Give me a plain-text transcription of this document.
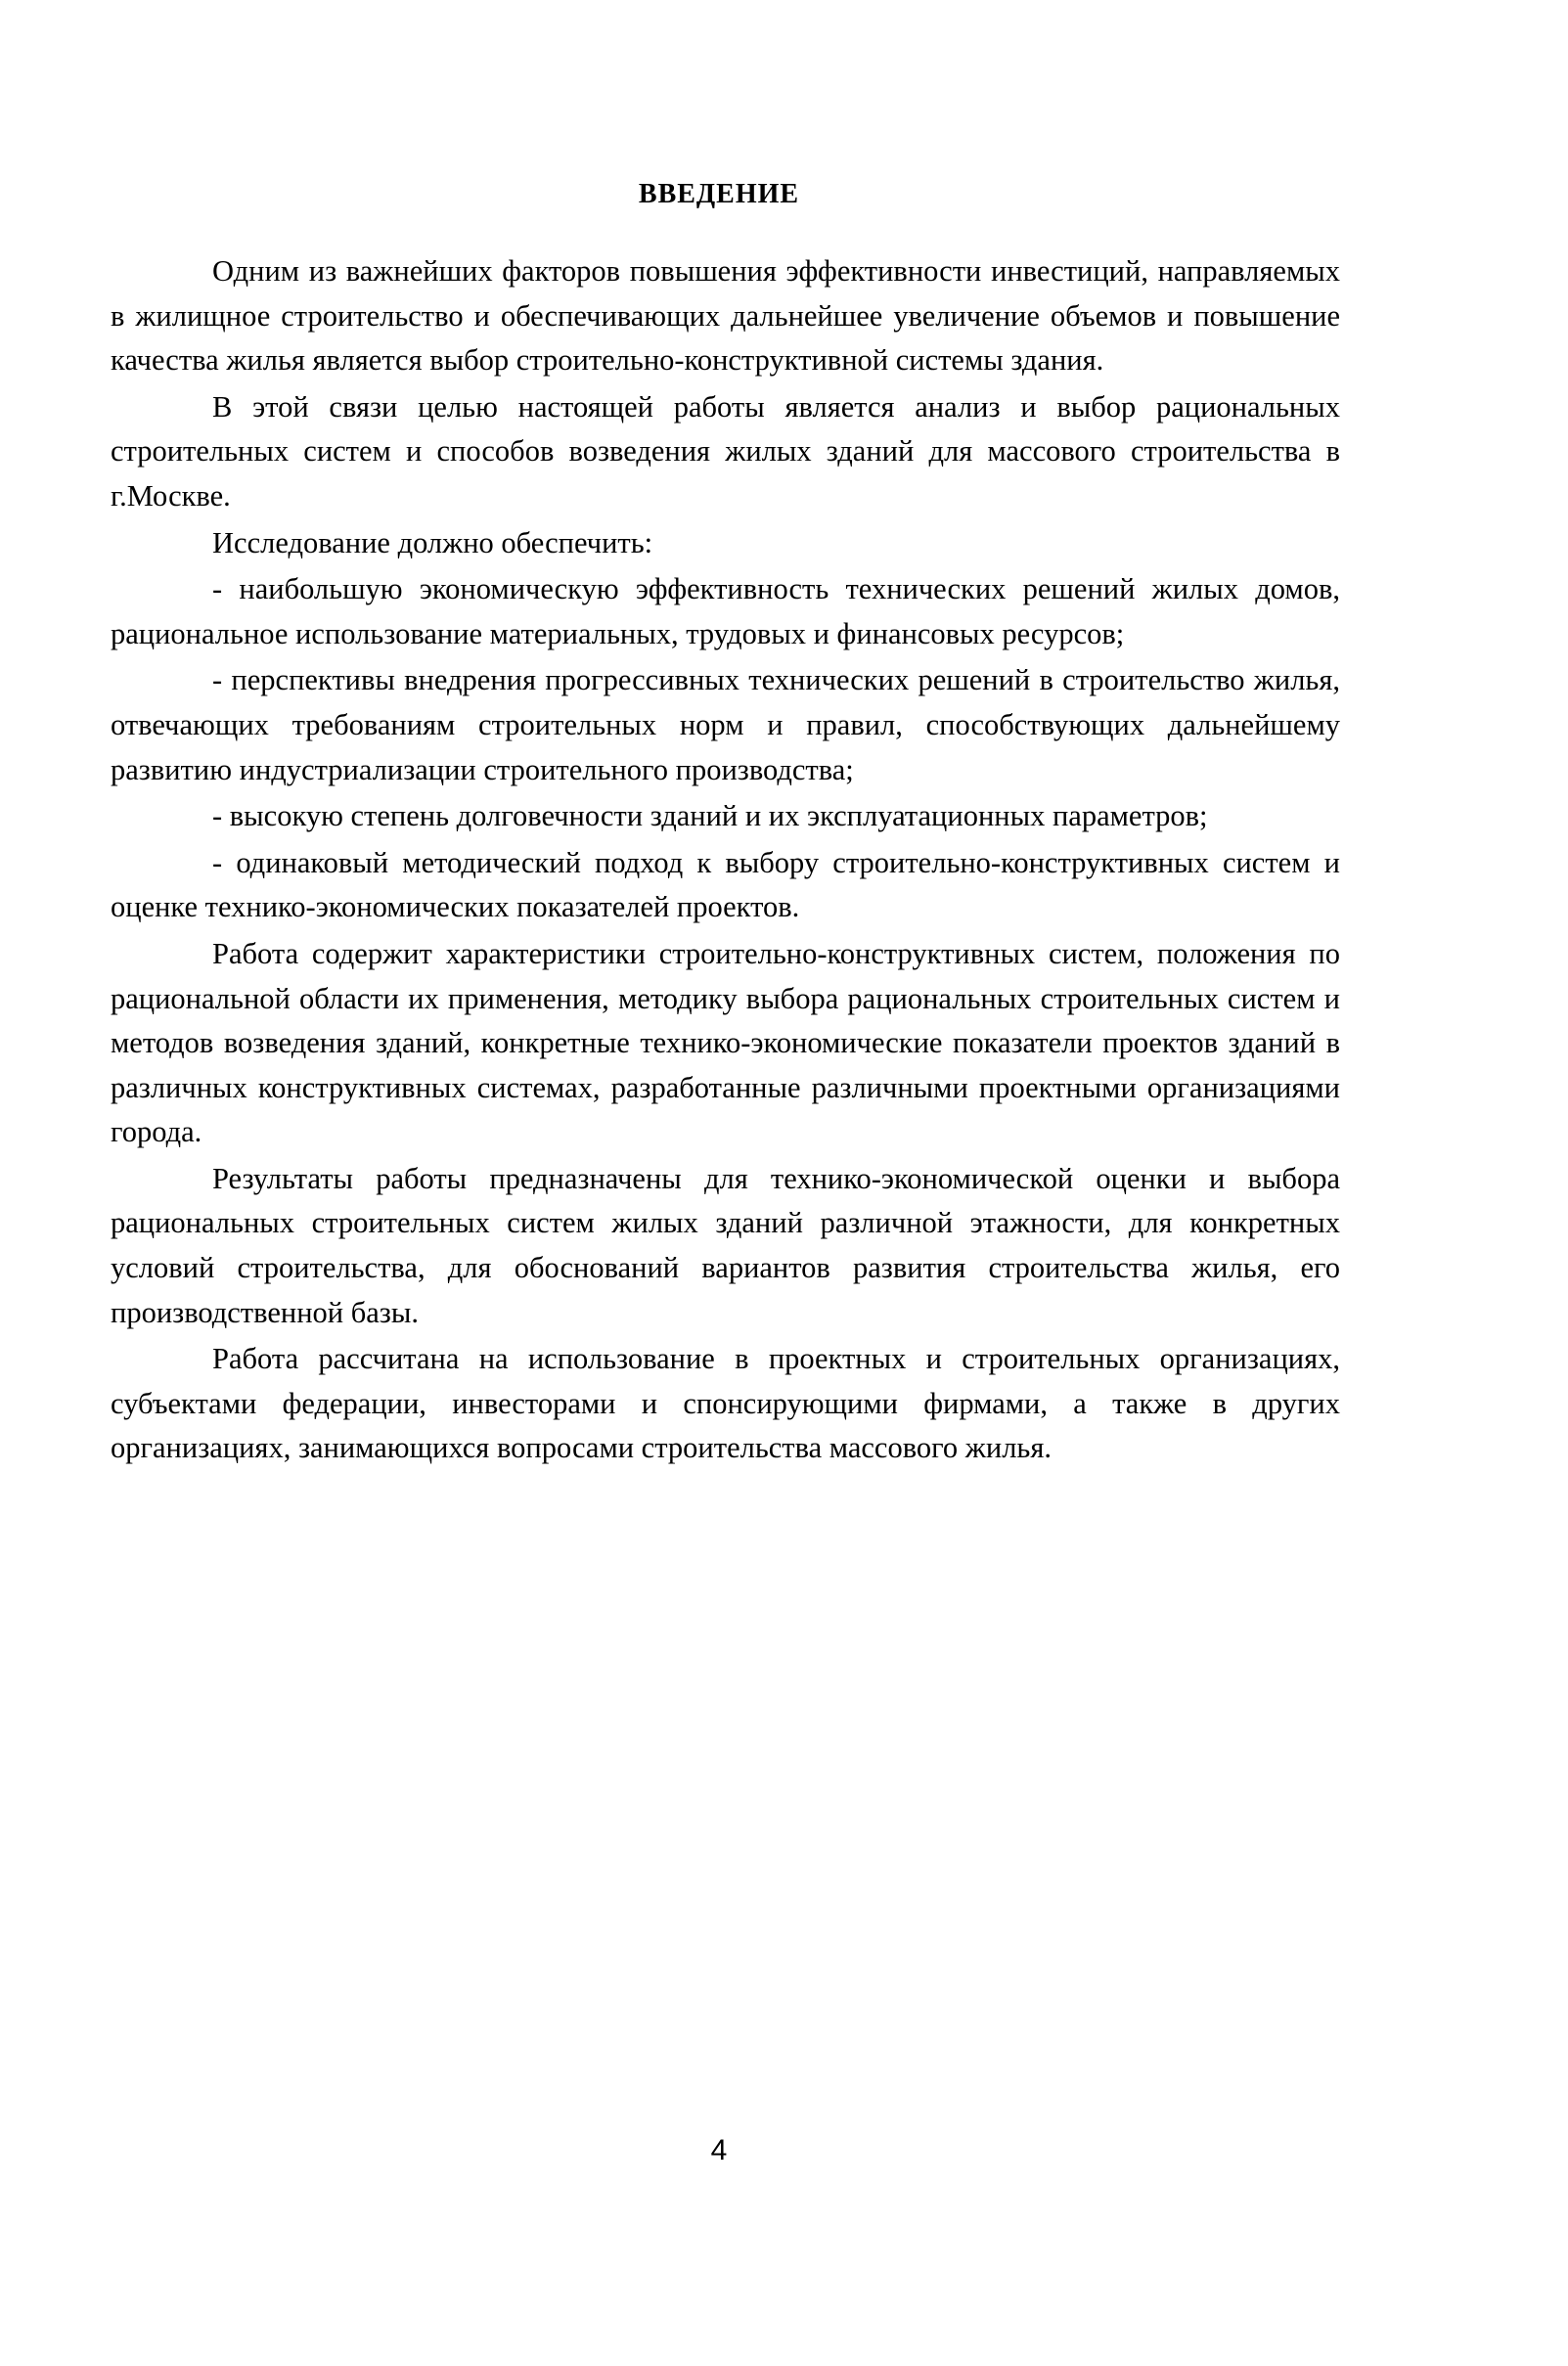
ВВЕДЕНИЕ

Одним из важнейших факторов повышения эффективности инвестиций, направляемых в жилищное строительство и обеспечивающих дальнейшее увеличение объемов и повышение качества жилья является выбор строительно-конструктивной системы здания.

В этой связи целью настоящей работы является анализ и выбор рациональных строительных систем и способов возведения жилых зданий для массового строительства в г.Москве.

Исследование должно обеспечить:

- наибольшую экономическую эффективность технических решений жилых домов, рациональное использование материальных, трудовых и финансовых ресурсов;

- перспективы внедрения прогрессивных технических решений в строительство жилья, отвечающих требованиям строительных норм и правил, способствующих дальнейшему развитию индустриализации строительного производства;

- высокую степень долговечности зданий и их эксплуатационных параметров;

- одинаковый методический подход к выбору строительно-конструктивных систем и оценке технико-экономических показателей проектов.

Работа содержит характеристики строительно-конструктивных систем, положения по рациональной области их применения, методику выбора рациональных строительных систем и методов возведения зданий, конкретные технико-экономические показатели проектов зданий в различных конструктивных системах, разработанные различными проектными организациями города.

Результаты работы предназначены для технико-экономической оценки и выбора рациональных строительных систем жилых зданий различной этажности, для конкретных условий строительства, для обоснований вариантов развития строительства жилья, его производственной базы.

Работа рассчитана на использование в проектных и строительных организациях, субъектами федерации, инвесторами и спонсирующими фирмами, а также в других организациях, занимающихся вопросами строительства массового жилья.

4
